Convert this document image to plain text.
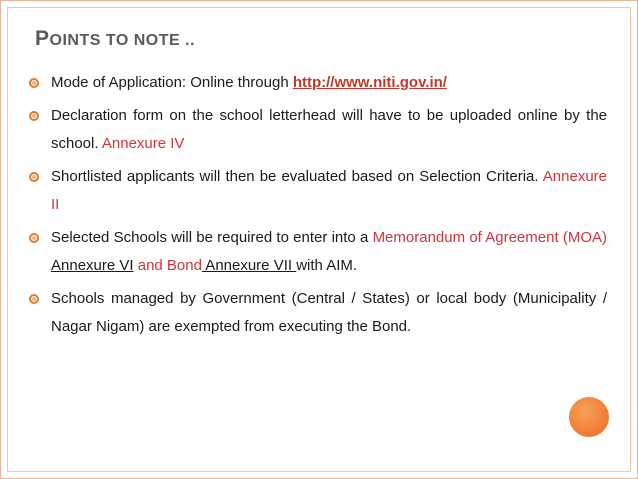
POINTS TO NOTE ..
Mode of Application: Online through http://www.niti.gov.in/
Declaration form on the school letterhead will have to be uploaded online by the school. Annexure IV
Shortlisted applicants will then be evaluated based on Selection Criteria. Annexure II
Selected Schools will be required to enter into a Memorandum of Agreement (MOA) Annexure VI and Bond Annexure VII with AIM.
Schools managed by Government (Central / States) or local body (Municipality / Nagar Nigam) are exempted from executing the Bond.
